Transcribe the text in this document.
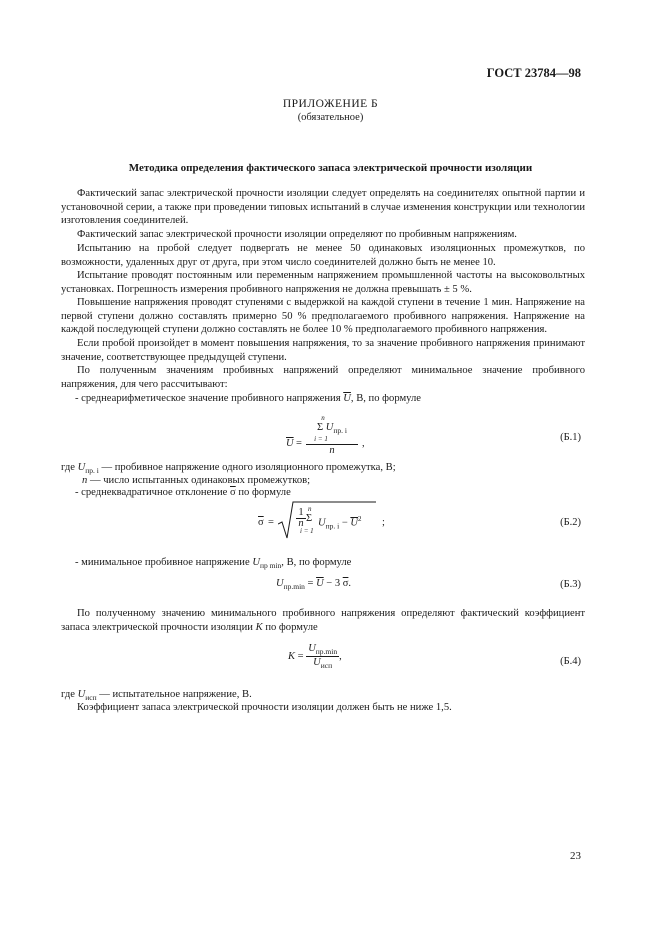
ГОСТ 23784—98
ПРИЛОЖЕНИЕ Б
(обязательное)
Методика определения фактического запаса электрической прочности изоляции
Фактический запас электрической прочности изоляции следует определять на соединителях опытной партии и установочной серии, а также при проведении типовых испытаний в случае изменения конструкции или технологии изготовления соединителей.
Фактический запас электрической прочности изоляции определяют по пробивным напряжениям.
Испытанию на пробой следует подвергать не менее 50 одинаковых изоляционных промежутков, по возможности, удаленных друг от друга, при этом число соединителей должно быть не менее 10.
Испытание проводят постоянным или переменным напряжением промышленной частоты на высоковольтных установках. Погрешность измерения пробивного напряжения не должна превышать ± 5 %.
Повышение напряжения проводят ступенями с выдержкой на каждой ступени в течение 1 мин. Напряжение на первой ступени должно составлять примерно 50 % предполагаемого пробивного напряжения. Напряжение на каждой последующей ступени должно составлять не более 10 % предполагаемого пробивного напряжения.
Если пробой произойдет в момент повышения напряжения, то за значение пробивного напряжения принимают значение, соответствующее предыдущей ступени.
По полученным значениям пробивных напряжений определяют минимальное значение пробивного напряжения, для чего рассчитывают:
- среднеарифметическое значение пробивного напряжения $\overline{U}$, В, по формуле
$\overline{U}$ =
n
Σ $U_{пр. i}$
i = 1
n
,
(Б.1)
где $U_{пр. i}$ — пробивное напряжение одного изоляционного промежутка, В;
n — число испытанных одинаковых промежутков;
- среднеквадратичное отклонение $\overline{\sigma}$ по формуле
$\overline{\sigma}$ =
1
n
n
Σ
i = 1
$U_{пр. i} - \overline{U}^2$ ;	(Б.2)
- минимальное пробивное напряжение $U_{пр min}$, В, по формуле
$U_{пр.min} = \overline{U} - 3$ $\overline{\sigma}$.	(Б.3)
По полученному значению минимального пробивного напряжения определяют фактический коэффициент запаса электрической прочности изоляции K по формуле
$K = \frac{U_{пр.min}}{U_{исп}}$ ,	(Б.4)
где $U_{исп}$ — испытательное напряжение, В.
Коэффициент запаса электрической прочности изоляции должен быть не ниже 1,5.
23
